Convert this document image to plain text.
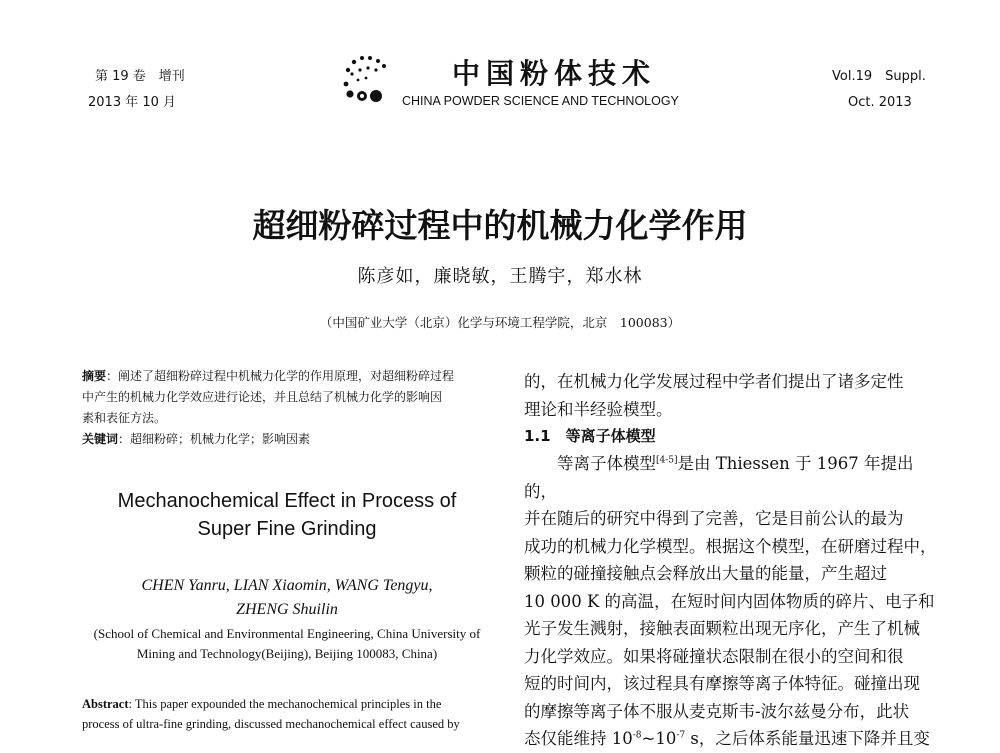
第 19 卷　增刊
2013 年 10 月
中国粉体技术
CHINA POWDER SCIENCE AND TECHNOLOGY
Vol.19　Suppl.
Oct. 2013
超细粉碎过程中的机械力化学作用
陈彦如，廉晓敏，王腾宇，郑水林
（中国矿业大学（北京）化学与环境工程学院，北京　100083）
摘要：阐述了超细粉碎过程中机械力化学的作用原理，对超细粉碎过程
中产生的机械力化学效应进行论述，并且总结了机械力化学的影响因
素和表征方法。
关键词：超细粉碎；机械力化学；影响因素
Mechanochemical Effect in Process of
Super Fine Grinding
CHEN Yanru, LIAN Xiaomin, WANG Tengyu,
ZHENG Shuilin
(School of Chemical and Environmental Engineering, China University of
Mining and Technology(Beijing), Beijing 100083, China)
Abstract: This paper expounded the mechanochemical principles in the
process of ultra-fine grinding, discussed mechanochemical effect caused by
的，在机械力化学发展过程中学者们提出了诸多定性
理论和半经验模型。
1.1　等离子体模型
　　等离子体模型[4-5]是由 Thiessen 于 1967 年提出的，
并在随后的研究中得到了完善，它是目前公认的最为
成功的机械力化学模型。根据这个模型，在研磨过程中，
颗粒的碰撞接触点会释放出大量的能量，产生超过
10 000 K 的高温，在短时间内固体物质的碎片、电子和
光子发生溅射，接触表面颗粒出现无序化，产生了机械
力化学效应。如果将碰撞状态限制在很小的空间和很
短的时间内，该过程具有摩擦等离子体特征。碰撞出现
的摩擦等离子体不服从麦克斯韦-波尔兹曼分布，此状
态仅能维持 $10^{-8}\sim 10^{-7}$ s，之后体系能量迅速下降并且变
